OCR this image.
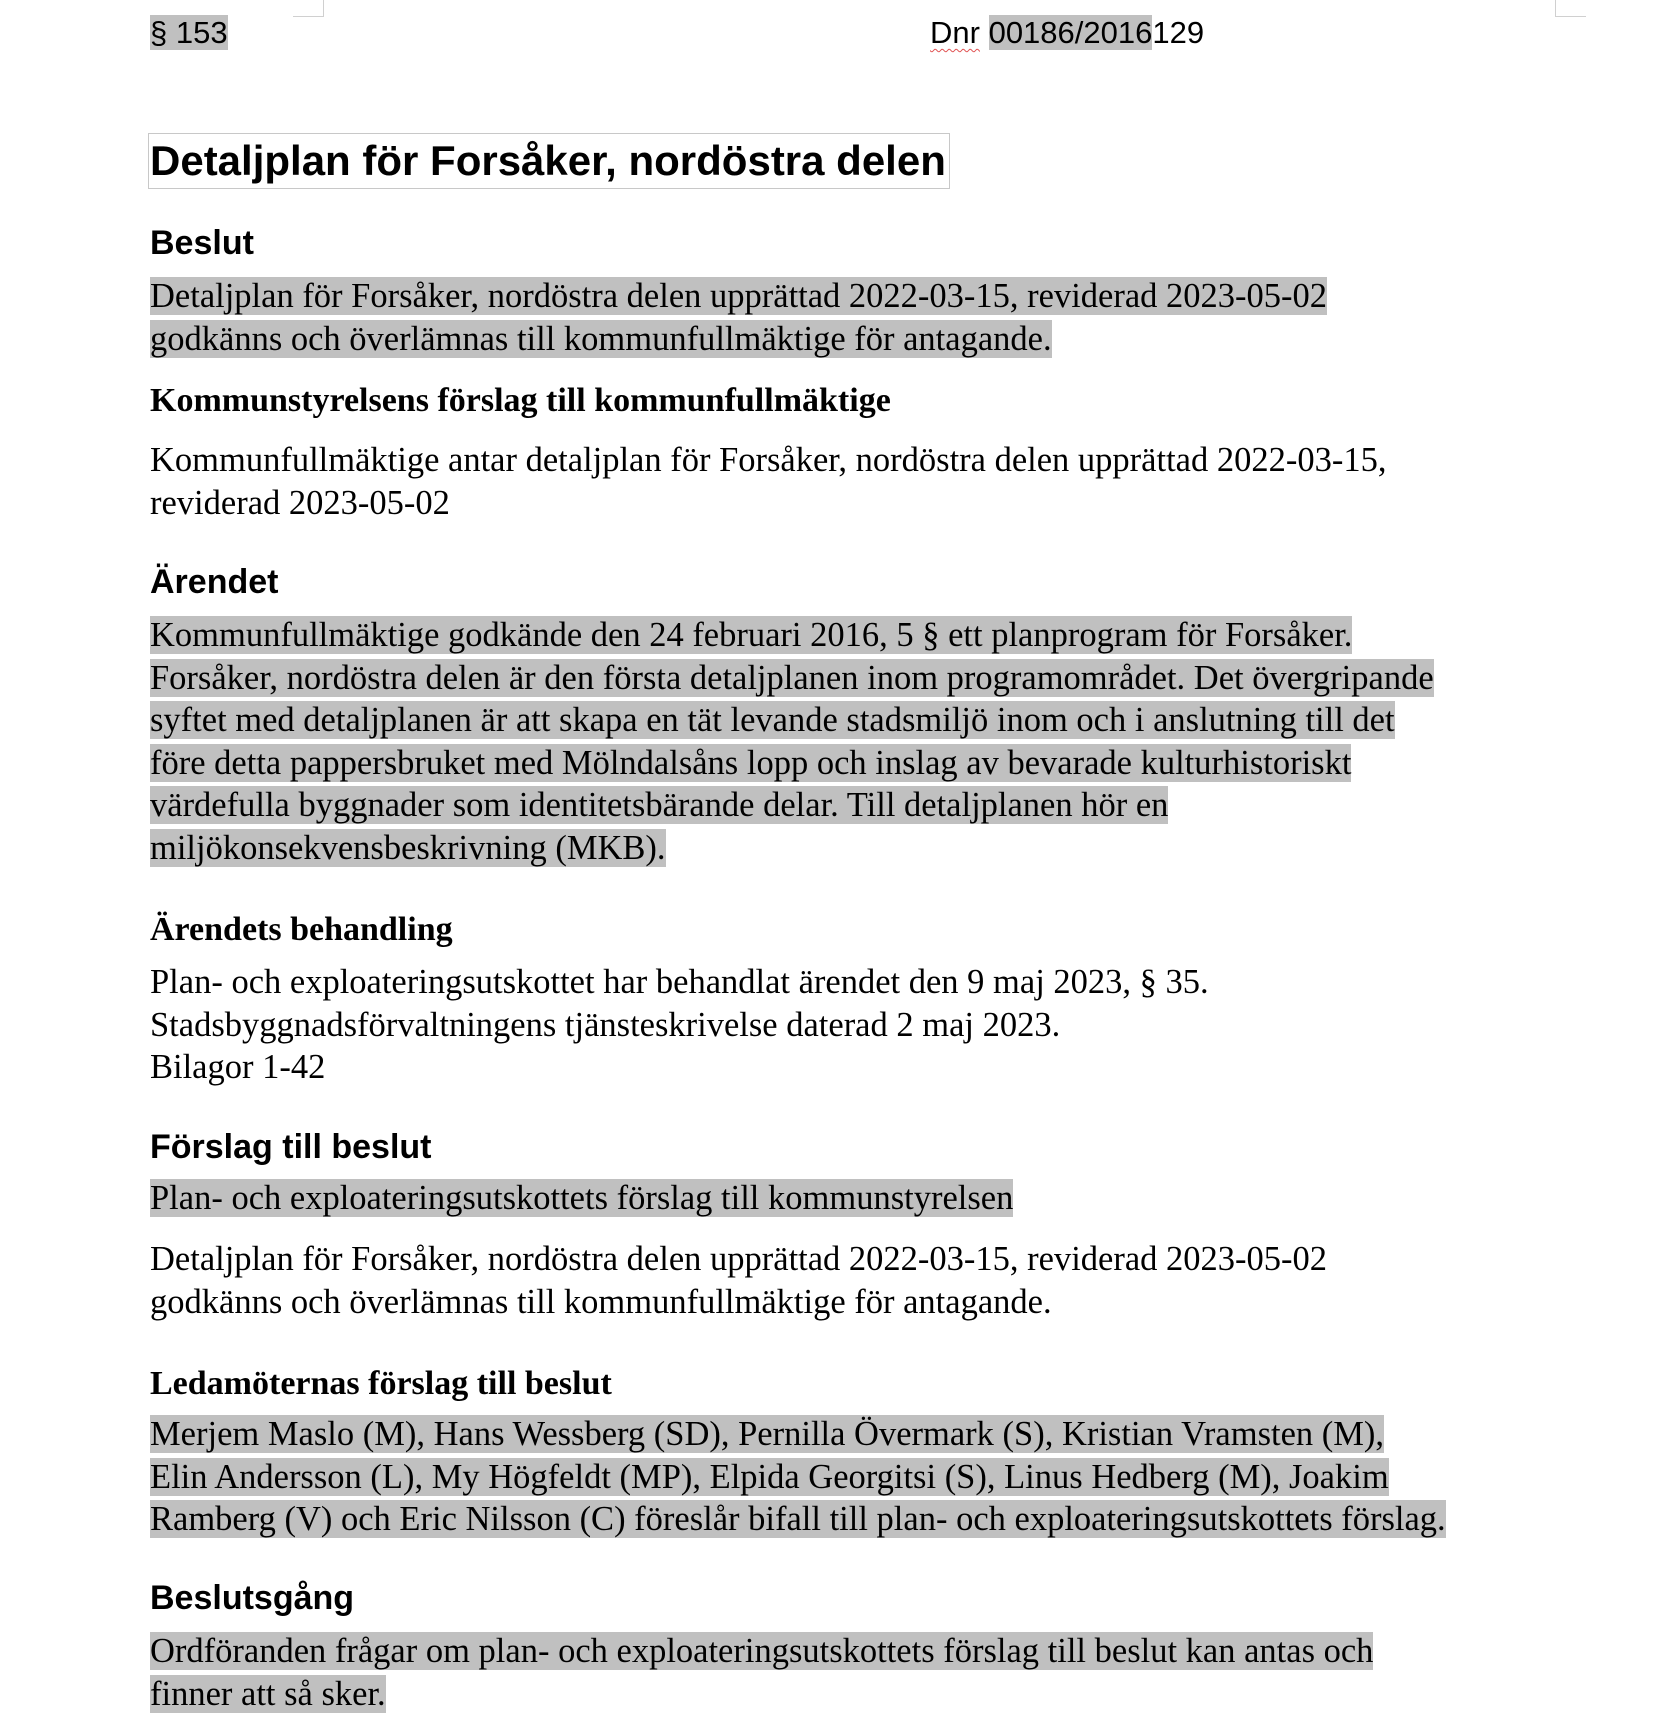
§ 153	Dnr 00186/2016129
Detaljplan för Forsåker, nordöstra delen
Beslut
Detaljplan för Forsåker, nordöstra delen upprättad 2022-03-15, reviderad 2023-05-02
godkänns och överlämnas till kommunfullmäktige för antagande.
Kommunstyrelsens förslag till kommunfullmäktige
Kommunfullmäktige antar detaljplan för Forsåker, nordöstra delen upprättad 2022-03-15,
reviderad 2023-05-02
Ärendet
Kommunfullmäktige godkände den 24 februari 2016, 5 § ett planprogram för Forsåker.
Forsåker, nordöstra delen är den första detaljplanen inom programområdet. Det övergripande
syftet med detaljplanen är att skapa en tät levande stadsmiljö inom och i anslutning till det
före detta pappersbruket med Mölndalsåns lopp och inslag av bevarade kulturhistoriskt
värdefulla byggnader som identitetsbärande delar. Till detaljplanen hör en
miljökonsekvensbeskrivning (MKB).
Ärendets behandling
Plan- och exploateringsutskottet har behandlat ärendet den 9 maj 2023, § 35.
Stadsbyggnadsförvaltningens tjänsteskrivelse daterad 2 maj 2023.
Bilagor 1-42
Förslag till beslut
Plan- och exploateringsutskottets förslag till kommunstyrelsen
Detaljplan för Forsåker, nordöstra delen upprättad 2022-03-15, reviderad 2023-05-02
godkänns och överlämnas till kommunfullmäktige för antagande.
Ledamöternas förslag till beslut
Merjem Maslo (M), Hans Wessberg (SD), Pernilla Övermark (S), Kristian Vramsten (M),
Elin Andersson (L), My Högfeldt (MP), Elpida Georgitsi (S), Linus Hedberg (M), Joakim
Ramberg (V) och Eric Nilsson (C) föreslår bifall till plan- och exploateringsutskottets förslag.
Beslutsgång
Ordföranden frågar om plan- och exploateringsutskottets förslag till beslut kan antas och
finner att så sker.
